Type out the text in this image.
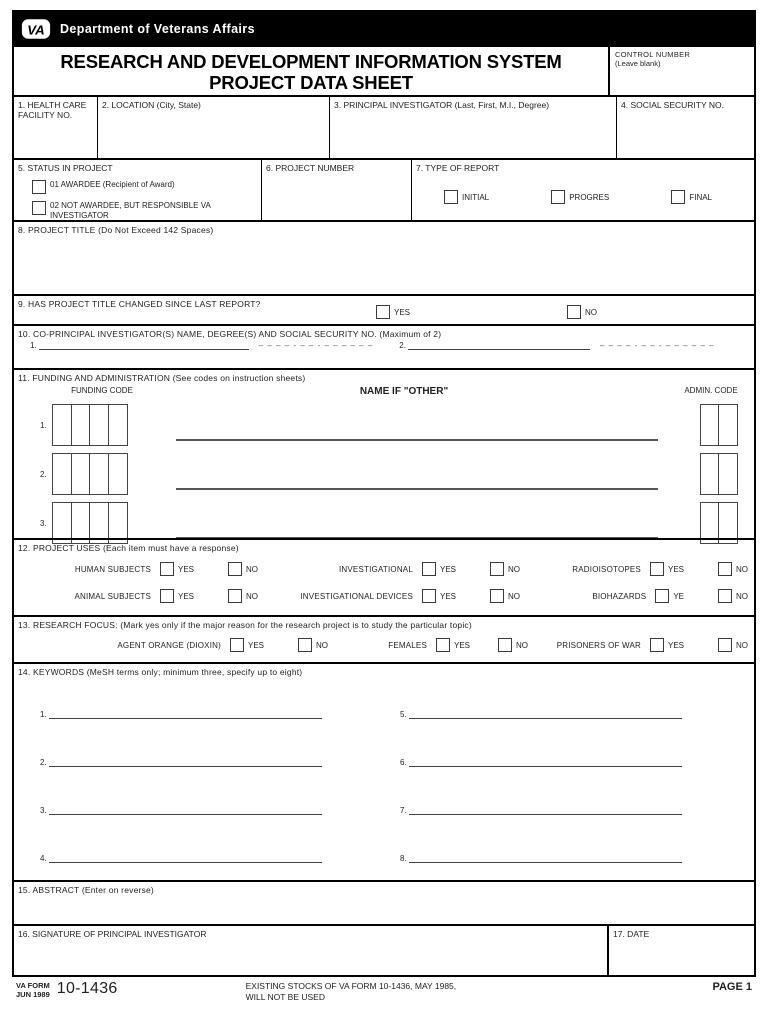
VA Department of Veterans Affairs
RESEARCH AND DEVELOPMENT INFORMATION SYSTEM
PROJECT DATA SHEET
CONTROL NUMBER
(Leave blank)
1. HEALTH CARE FACILITY NO.
2. LOCATION (City, State)	3. PRINCIPAL INVESTIGATOR (Last, First, M.I., Degree)	4. SOCIAL SECURITY NO.
5. STATUS IN PROJECT
01 AWARDEE (Recipient of Award)
02 NOT AWARDEE, BUT RESPONSIBLE VA INVESTIGATOR
6. PROJECT NUMBER	7. TYPE OF REPORT
INITIAL	PROGRES	FINAL
8. PROJECT TITLE (Do Not Exceed 142 Spaces)
9. HAS PROJECT TITLE CHANGED SINCE LAST REPORT?
YES	NO
10. CO-PRINCIPAL INVESTIGATOR(S) NAME, DEGREE(S) AND SOCIAL SECURITY NO. (Maximum of 2)
1.	– – – – - – – - – – – – – –	2.	– – – – - – – - – – – – – –
11. FUNDING AND ADMINISTRATION (See codes on instruction sheets)
FUNDING CODE	NAME IF "OTHER"	ADMIN. CODE
1.
2.
3.
12. PROJECT USES (Each item must have a response)
HUMAN SUBJECTS	YES	NO	INVESTIGATIONAL	YES	NO	RADIOISOTOPES	YES	NO
ANIMAL SUBJECTS	YES	NO	INVESTIGATIONAL DEVICES	YES	NO	BIOHAZARDS	YE	NO
13. RESEARCH FOCUS: (Mark yes only if the major reason for the research project is to study the particular topic)
AGENT ORANGE (DIOXIN)	YES	NO	FEMALES	YES	NO	PRISONERS OF WAR	YES	NO
14. KEYWORDS (MeSH terms only; minimum three, specify up to eight)
1.
2.
3.
4.
5.
6.
7.
8.
15. ABSTRACT (Enter on reverse)
16. SIGNATURE OF PRINCIPAL INVESTIGATOR	17. DATE
VA FORM
JUN 1989 10-1436	EXISTING STOCKS OF VA FORM 10-1436, MAY 1985,
WILL NOT BE USED
PAGE 1
